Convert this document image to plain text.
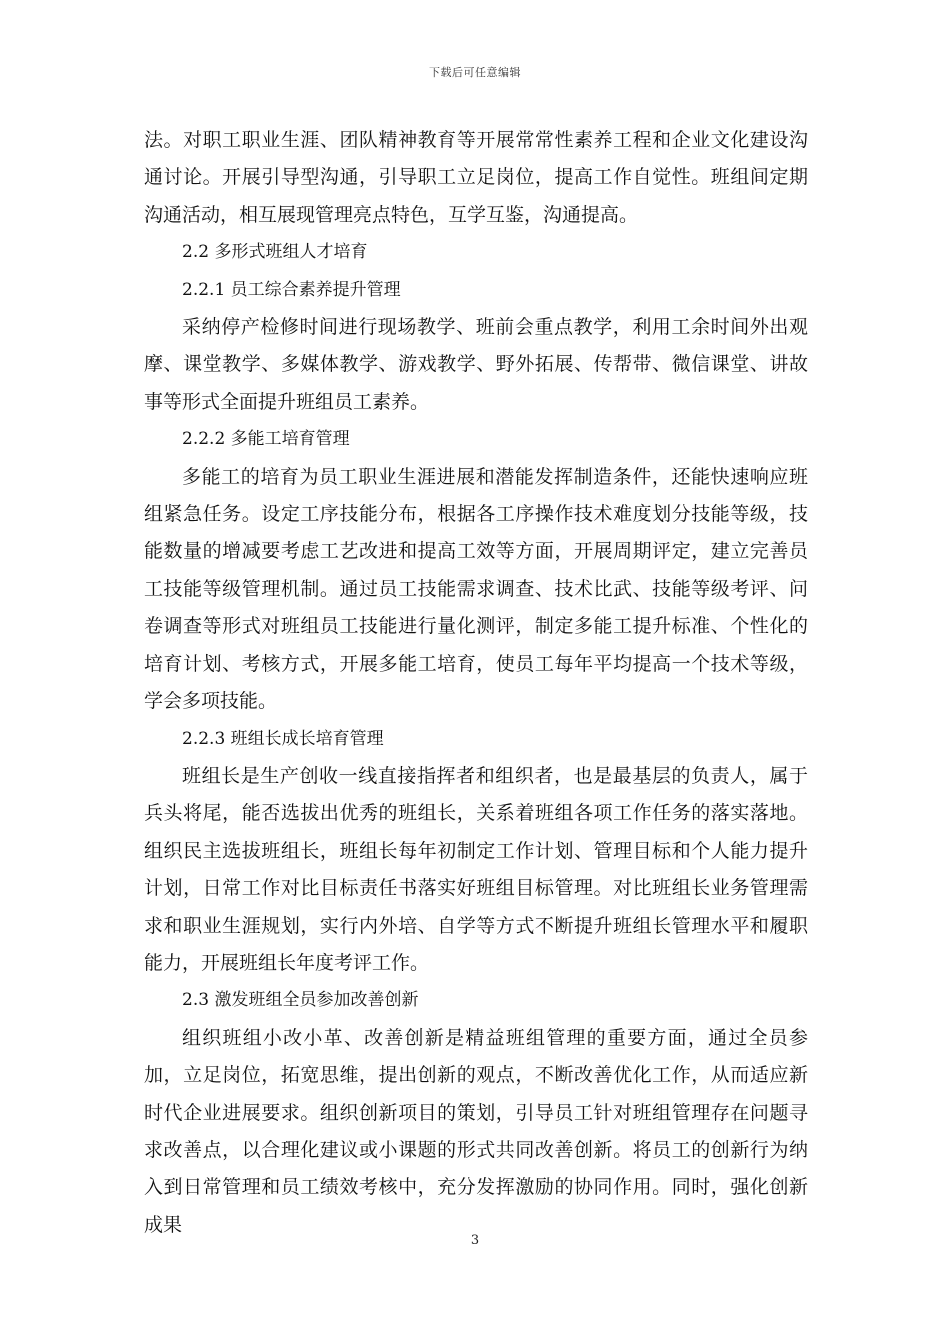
下载后可任意编辑

法。对职工职业生涯、团队精神教育等开展常常性素养工程和企业文化建设沟通讨论。开展引导型沟通，引导职工立足岗位，提高工作自觉性。班组间定期沟通活动，相互展现管理亮点特色，互学互鉴，沟通提高。

2.2 多形式班组人才培育

2.2.1 员工综合素养提升管理

采纳停产检修时间进行现场教学、班前会重点教学，利用工余时间外出观摩、课堂教学、多媒体教学、游戏教学、野外拓展、传帮带、微信课堂、讲故事等形式全面提升班组员工素养。

2.2.2 多能工培育管理

多能工的培育为员工职业生涯进展和潜能发挥制造条件，还能快速响应班组紧急任务。设定工序技能分布，根据各工序操作技术难度划分技能等级，技能数量的增减要考虑工艺改进和提高工效等方面，开展周期评定，建立完善员工技能等级管理机制。通过员工技能需求调查、技术比武、技能等级考评、问卷调查等形式对班组员工技能进行量化测评，制定多能工提升标准、个性化的培育计划、考核方式，开展多能工培育，使员工每年平均提高一个技术等级，学会多项技能。

2.2.3 班组长成长培育管理

班组长是生产创收一线直接指挥者和组织者，也是最基层的负责人，属于兵头将尾，能否选拔出优秀的班组长，关系着班组各项工作任务的落实落地。组织民主选拔班组长，班组长每年初制定工作计划、管理目标和个人能力提升计划，日常工作对比目标责任书落实好班组目标管理。对比班组长业务管理需求和职业生涯规划，实行内外培、自学等方式不断提升班组长管理水平和履职能力，开展班组长年度考评工作。

2.3 激发班组全员参加改善创新

组织班组小改小革、改善创新是精益班组管理的重要方面，通过全员参加，立足岗位，拓宽思维，提出创新的观点，不断改善优化工作，从而适应新时代企业进展要求。组织创新项目的策划，引导员工针对班组管理存在问题寻求改善点，以合理化建议或小课题的形式共同改善创新。将员工的创新行为纳入到日常管理和员工绩效考核中，充分发挥激励的协同作用。同时，强化创新成果

3
